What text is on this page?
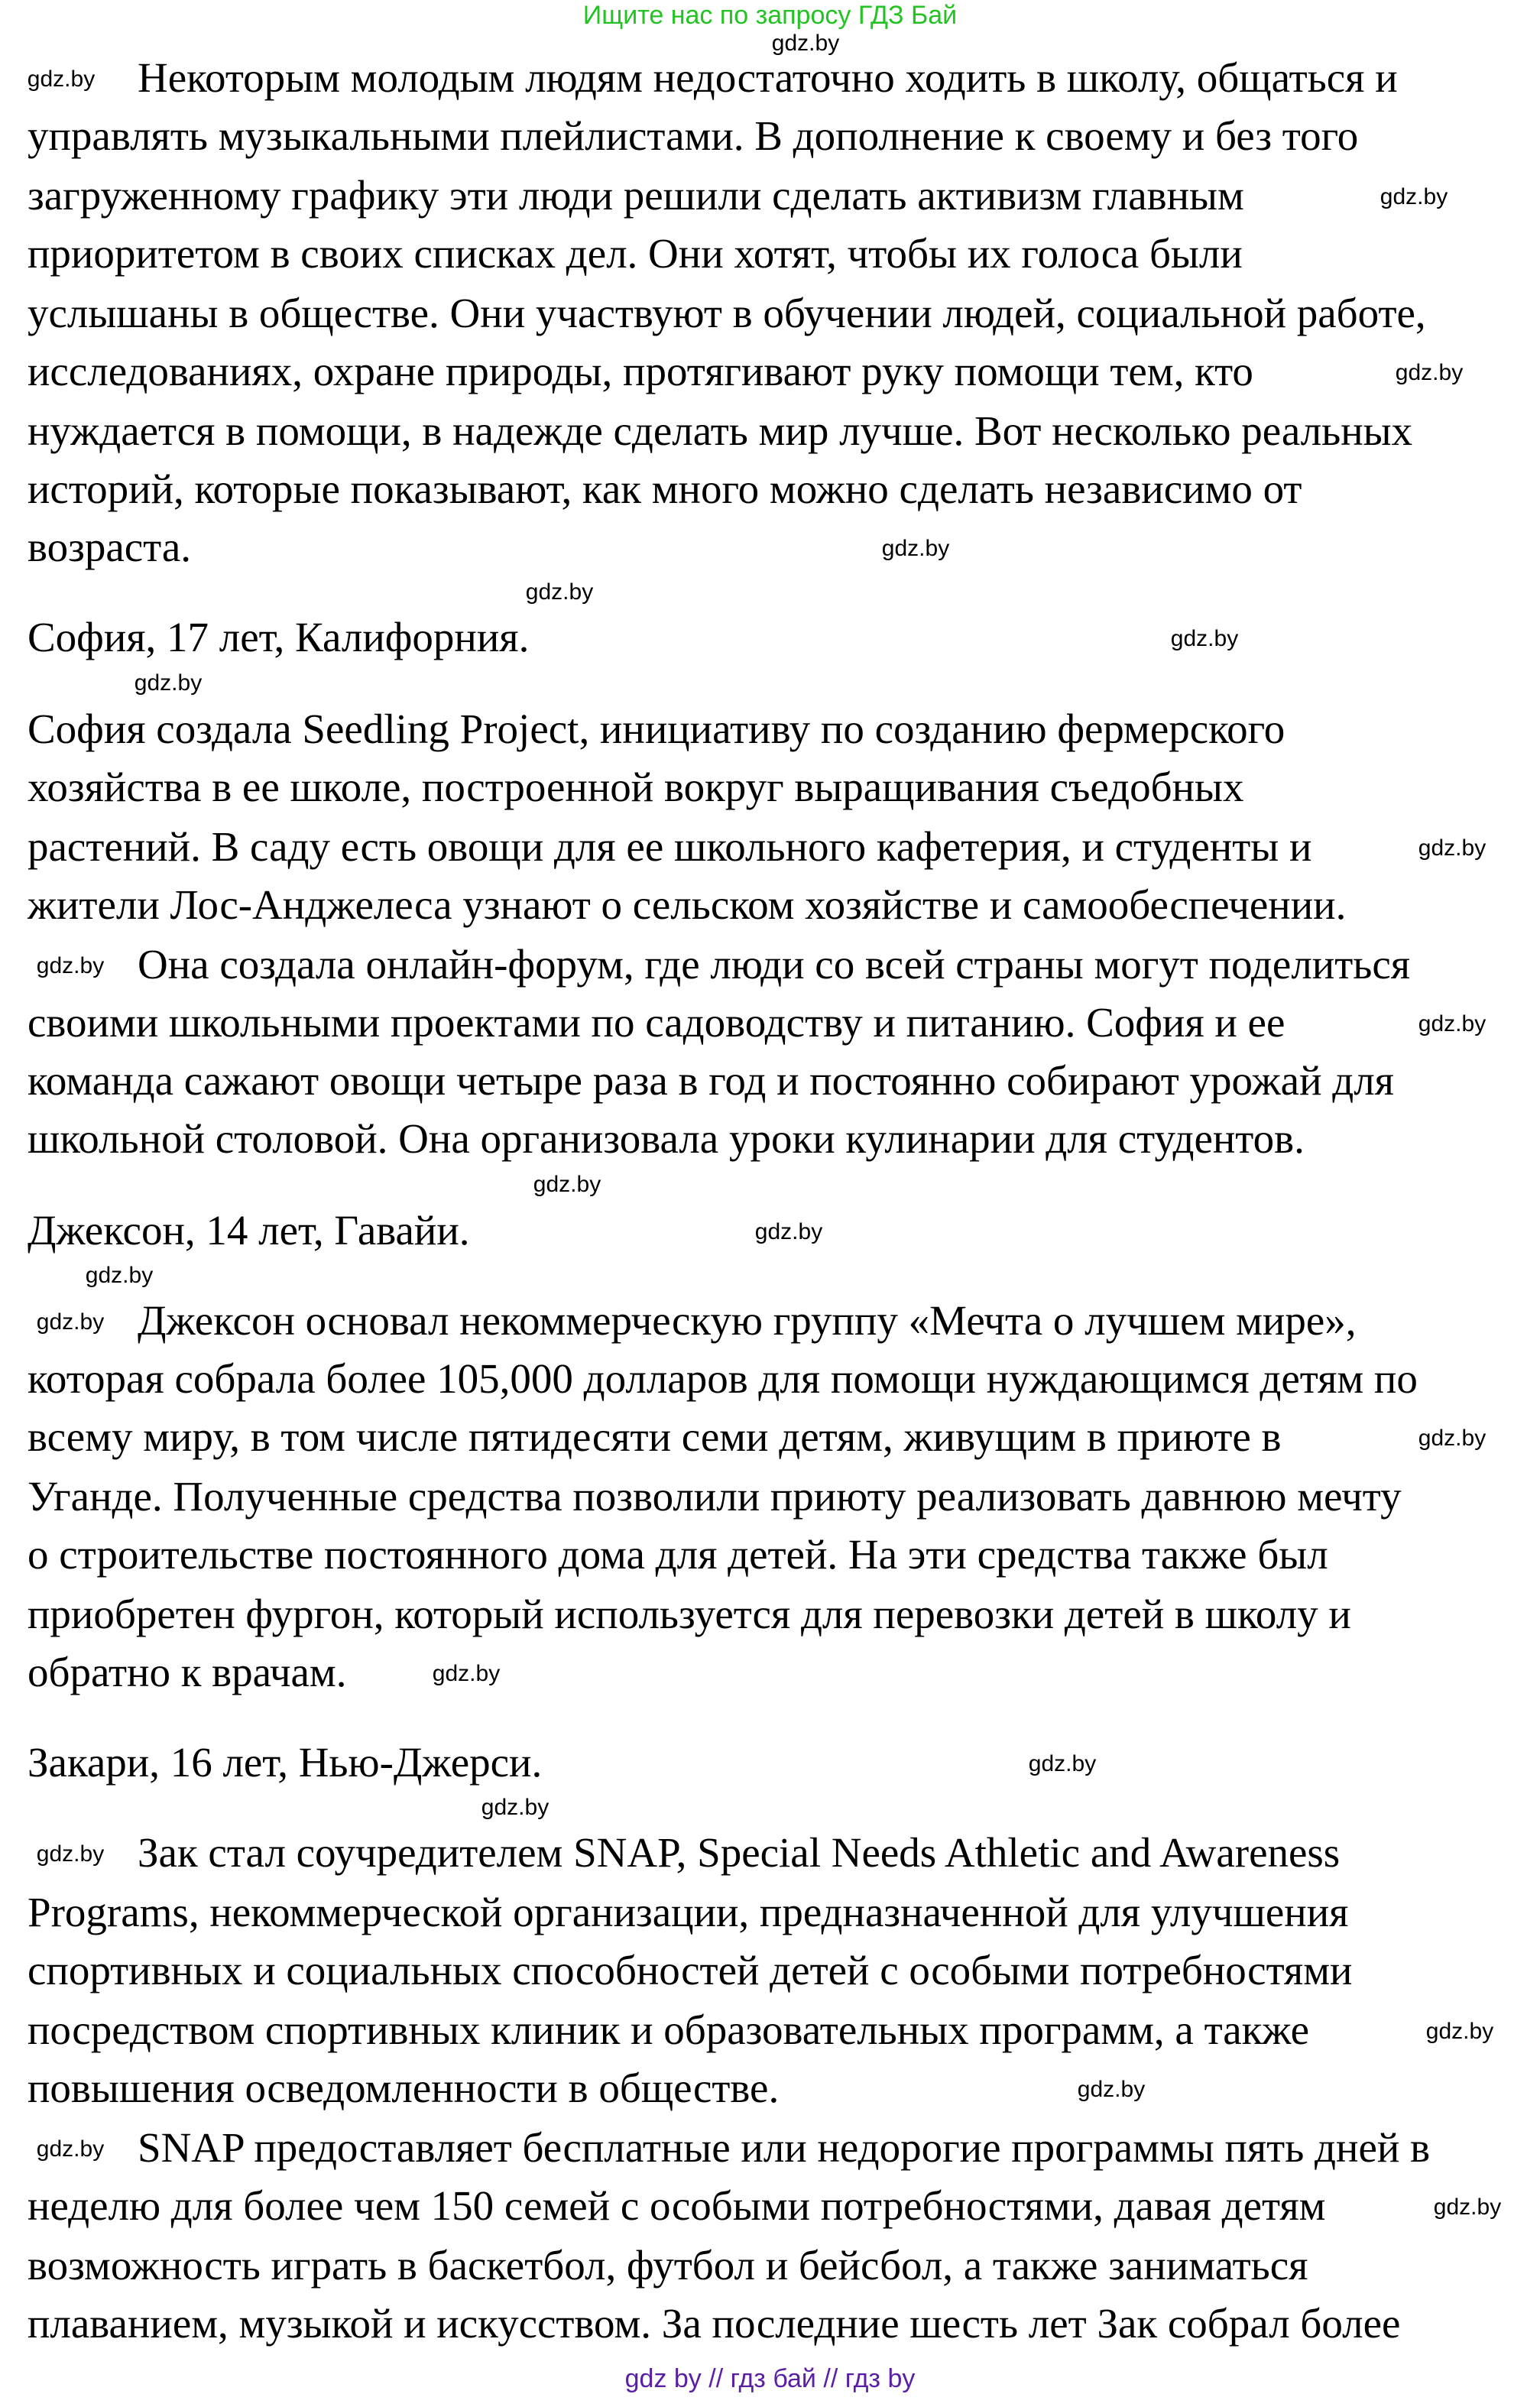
Ищите нас по запросу ГДЗ Бай
Некоторым молодым людям недостаточно ходить в школу, общаться и
управлять музыкальными плейлистами. В дополнение к своему и без того
загруженному графику эти люди решили сделать активизм главным
приоритетом в своих списках дел. Они хотят, чтобы их голоса были
услышаны в обществе. Они участвуют в обучении людей, социальной работе,
исследованиях, охране природы, протягивают руку помощи тем, кто
нуждается в помощи, в надежде сделать мир лучше. Вот несколько реальных
историй, которые показывают, как много можно сделать независимо от
возраста.
София, 17 лет, Калифорния.
София создала Seedling Project, инициативу по созданию фермерского
хозяйства в ее школе, построенной вокруг выращивания съедобных
растений. В саду есть овощи для ее школьного кафетерия, и студенты и
жители Лос-Анджелеса узнают о сельском хозяйстве и самообеспечении.
Она создала онлайн-форум, где люди со всей страны могут поделиться
своими школьными проектами по садоводству и питанию. София и ее
команда сажают овощи четыре раза в год и постоянно собирают урожай для
школьной столовой. Она организовала уроки кулинарии для студентов.
Джексон, 14 лет, Гавайи.
Джексон основал некоммерческую группу «Мечта о лучшем мире»,
которая собрала более 105,000 долларов для помощи нуждающимся детям по
всему миру, в том числе пятидесяти семи детям, живущим в приюте в
Уганде. Полученные средства позволили приюту реализовать давнюю мечту
о строительстве постоянного дома для детей. На эти средства также был
приобретен фургон, который используется для перевозки детей в школу и
обратно к врачам.
Закари, 16 лет, Нью-Джерси.
Зак стал соучредителем SNAP, Special Needs Athletic and Awareness
Programs, некоммерческой организации, предназначенной для улучшения
спортивных и социальных способностей детей с особыми потребностями
посредством спортивных клиник и образовательных программ, а также
повышения осведомленности в обществе.
SNAP предоставляет бесплатные или недорогие программы пять дней в
неделю для более чем 150 семей с особыми потребностями, давая детям
возможность играть в баскетбол, футбол и бейсбол, а также заниматься
плаванием, музыкой и искусством. За последние шесть лет Зак собрал более
gdz.by
gdz.by
gdz.by
gdz.by
gdz.by
gdz.by
gdz.by
gdz.by
gdz.by
gdz.by
gdz.by
gdz.by
gdz.by
gdz.by
gdz.by
gdz.by
gdz.by
gdz.by
gdz.by
gdz.by
gdz.by
gdz.by
gdz.by
gdz.by
gdz by // гдз бай // гдз by
